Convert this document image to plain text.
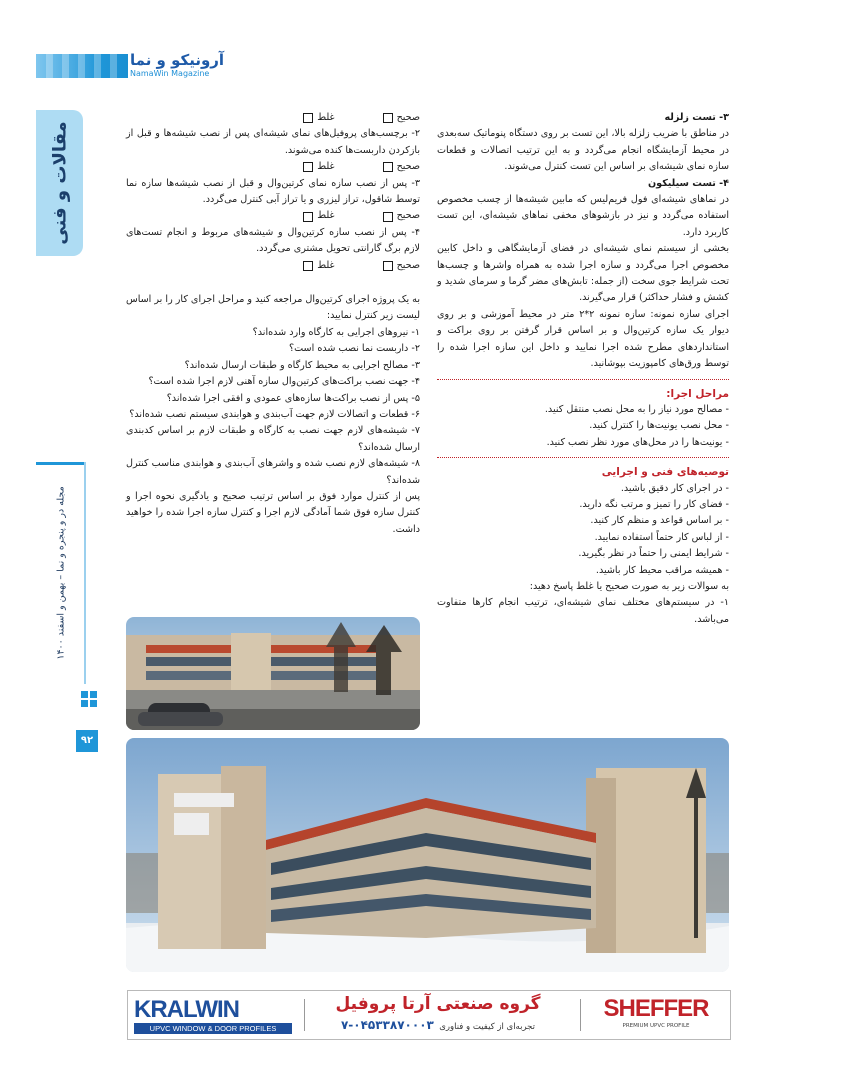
آرونیکو و نما
NamaWin Magazine
مقالات و فنی
مجله در و پنجره و نما – بهمن و اسفند ۱۴۰۰
۹۲

۳- تست زلزله

در مناطق با ضریب زلزله بالا، این تست بر روی دستگاه پنوماتیک سه‌بعدی در محیط آزمایشگاه انجام می‌گردد و به این ترتیب اتصالات و قطعات سازه نمای شیشه‌ای بر اساس این تست کنترل می‌شوند.

۴- تست سیلیکون

در نماهای شیشه‌ای فول فریم‌لیس که مابین شیشه‌ها از چسب مخصوص استفاده می‌گردد و نیز در بازشوهای مخفی نماهای شیشه‌ای، این تست کاربرد دارد.

بخشی از سیستم نمای شیشه‌ای در فضای آزمایشگاهی و داخل کابین مخصوص اجرا می‌گردد و سازه اجرا شده به همراه واشرها و چسب‌ها تحت شرایط جوی سخت (از جمله: تابش‌های مضر گرما و سرمای شدید و کشش و فشار حداکثر) قرار می‌گیرند.

اجرای سازه نمونه: سازه نمونه ۲*۲ متر در محیط آموزشی و بر روی دیوار یک سازه کرتین‌وال و بر اساس قرار گرفتن بر روی براکت و استانداردهای مطرح شده اجرا نمایید و داخل این سازه اجرا شده را توسط ورق‌های کامپوزیت بپوشانید.

مراحل اجرا:

- مصالح مورد نیاز را به محل نصب منتقل کنید.

- محل نصب یونیت‌ها را کنترل کنید.

- یونیت‌ها را در محل‌های مورد نظر نصب کنید.

توصیه‌های فنی و اجرایی

- در اجرای کار دقیق باشید.

- فضای کار را تمیز و مرتب نگه دارید.

- بر اساس قواعد و منظم کار کنید.

- از لباس کار حتماً استفاده نمایید.

- شرایط ایمنی را حتماً در نظر بگیرید.

- همیشه مراقب محیط کار باشید.

به سوالات زیر به صورت صحیح یا غلط پاسخ دهید:

۱- در سیستم‌های مختلف نمای شیشه‌ای، ترتیب انجام کارها متفاوت می‌باشد.

صحیح
غلط

۲- برچسب‌های پروفیل‌های نمای شیشه‌ای پس از نصب شیشه‌ها و قبل از بازکردن داربست‌ها کنده می‌شوند.

صحیح
غلط

۳- پس از نصب سازه نمای کرتین‌وال و قبل از نصب شیشه‌ها سازه نما توسط شاقول، تراز لیزری و یا تراز آبی کنترل می‌گردد.

صحیح
غلط

۴- پس از نصب سازه کرتین‌وال و شیشه‌های مربوط و انجام تست‌های لازم برگ گارانتی تحویل مشتری می‌گردد.

صحیح
غلط

به یک پروژه اجرای کرتین‌وال مراجعه کنید و مراحل اجرای کار را بر اساس لیست زیر کنترل نمایید:

۱- نیروهای اجرایی به کارگاه وارد شده‌اند؟

۲- داربست نما نصب شده است؟

۳- مصالح اجرایی به محیط کارگاه و طبقات ارسال شده‌اند؟

۴- جهت نصب براکت‌های کرتین‌وال سازه آهنی لازم اجرا شده است؟

۵- پس از نصب براکت‌ها سازه‌های عمودی و افقی اجرا شده‌اند؟

۶- قطعات و اتصالات لازم جهت آب‌بندی و هوابندی سیستم نصب شده‌اند؟

۷- شیشه‌های لازم جهت نصب به کارگاه و طبقات لازم بر اساس کدبندی ارسال شده‌اند؟

۸- شیشه‌های لازم نصب شده و واشرهای آب‌بندی و هوابندی مناسب کنترل شده‌اند؟

پس از کنترل موارد فوق بر اساس ترتیب صحیح و یادگیری نحوه اجرا و کنترل سازه فوق شما آمادگی لازم اجرا و کنترل سازه اجرا شده را خواهید داشت.

KRALWIN
UPVC WINDOW & DOOR PROFILES
گروه صنعتی آرتا پروفیل
تجربه‌ای از کیفیت و فناوری  ۰۴۵۳۳۸۷۰۰۰۳-۷
SHEFFER
PREMIUM UPVC PROFILE
